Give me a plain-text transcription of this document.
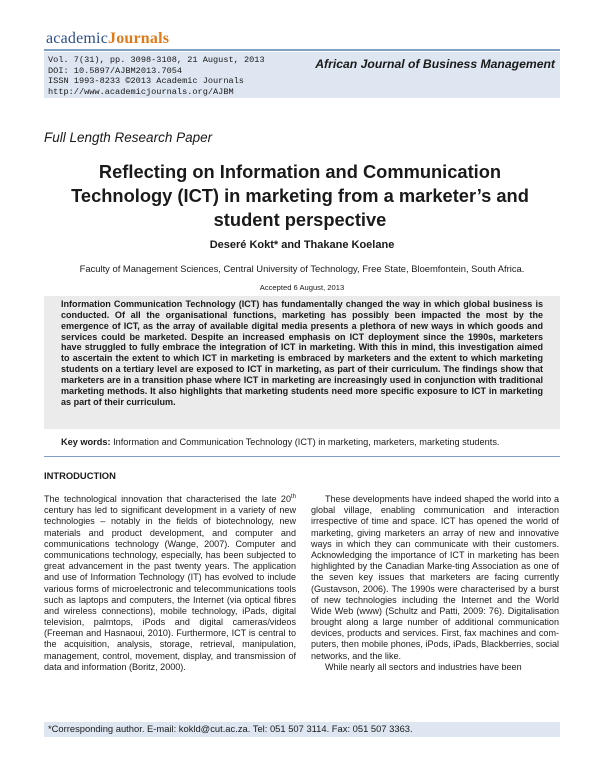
academicJournals
Vol. 7(31), pp. 3098-3108, 21 August, 2013
DOI: 10.5897/AJBM2013.7054
ISSN 1993-8233 ©2013 Academic Journals
http://www.academicjournals.org/AJBM
African Journal of Business Management
Full Length Research Paper
Reflecting on Information and Communication Technology (ICT) in marketing from a marketer’s and student perspective
Deseré Kokt* and Thakane Koelane
Faculty of Management Sciences, Central University of Technology, Free State, Bloemfontein, South Africa.
Accepted 6 August, 2013
Information Communication Technology (ICT) has fundamentally changed the way in which global business is conducted. Of all the organisational functions, marketing has possibly been impacted the most by the emergence of ICT, as the array of available digital media presents a plethora of new ways in which goods and services could be marketed. Despite an increased emphasis on ICT deployment since the 1990s, marketers have struggled to fully embrace the integration of ICT in marketing. With this in mind, this investigation aimed to ascertain the extent to which ICT in marketing is embraced by marketers and the extent to which marketing students on a tertiary level are exposed to ICT in marketing, as part of their curriculum. The findings show that marketers are in a transition phase where ICT in marketing are increasingly used in conjunction with traditional marketing methods. It also highlights that marketing students need more specific exposure to ICT in marketing as part of their curriculum.
Key words: Information and Communication Technology (ICT) in marketing, marketers, marketing students.
INTRODUCTION

The technological innovation that characterised the late 20th century has led to significant development in a variety of new technologies – notably in the fields of biotechnology, new materials and product development, and computer and communications technology (Wange, 2007). Computer and communications technology, especially, has been subjected to great advancement in the past twenty years. The application and use of Information Technology (IT) has evolved to include various forms of microelectronic and telecommunications tools such as laptops and computers, the Internet (via optical fibres and wireless connections), mobile technology, iPads, digital television, palmtops, iPods and digital cameras/videos (Freeman and Hasnaoui, 2010). Furthermore, ICT is central to the acquisition, analysis, storage, retrieval, manipulation, management, control, movement, display, and transmission of data and information (Boritz, 2000).

These developments have indeed shaped the world into a global village, enabling communication and interaction irrespective of time and space. ICT has opened the world of marketing, giving marketers an array of new and innovative ways in which they can communicate with their customers. Acknowledging the importance of ICT in marketing has been highlighted by the Canadian Marke-ting Association as one of the seven key issues that marketers are facing currently (Gustavson, 2006). The 1990s were characterised by a burst of new technologies including the Internet and the World Wide Web (www) (Schultz and Patti, 2009: 76). Digitalisation brought along a large number of additional communication devices, products and services. First, fax machines and com-puters, then mobile phones, iPods, iPads, Blackberries, social networks, and the like.

While nearly all sectors and industries have been

*Corresponding author. E-mail: kokld@cut.ac.za. Tel: 051 507 3114. Fax: 051 507 3363.
